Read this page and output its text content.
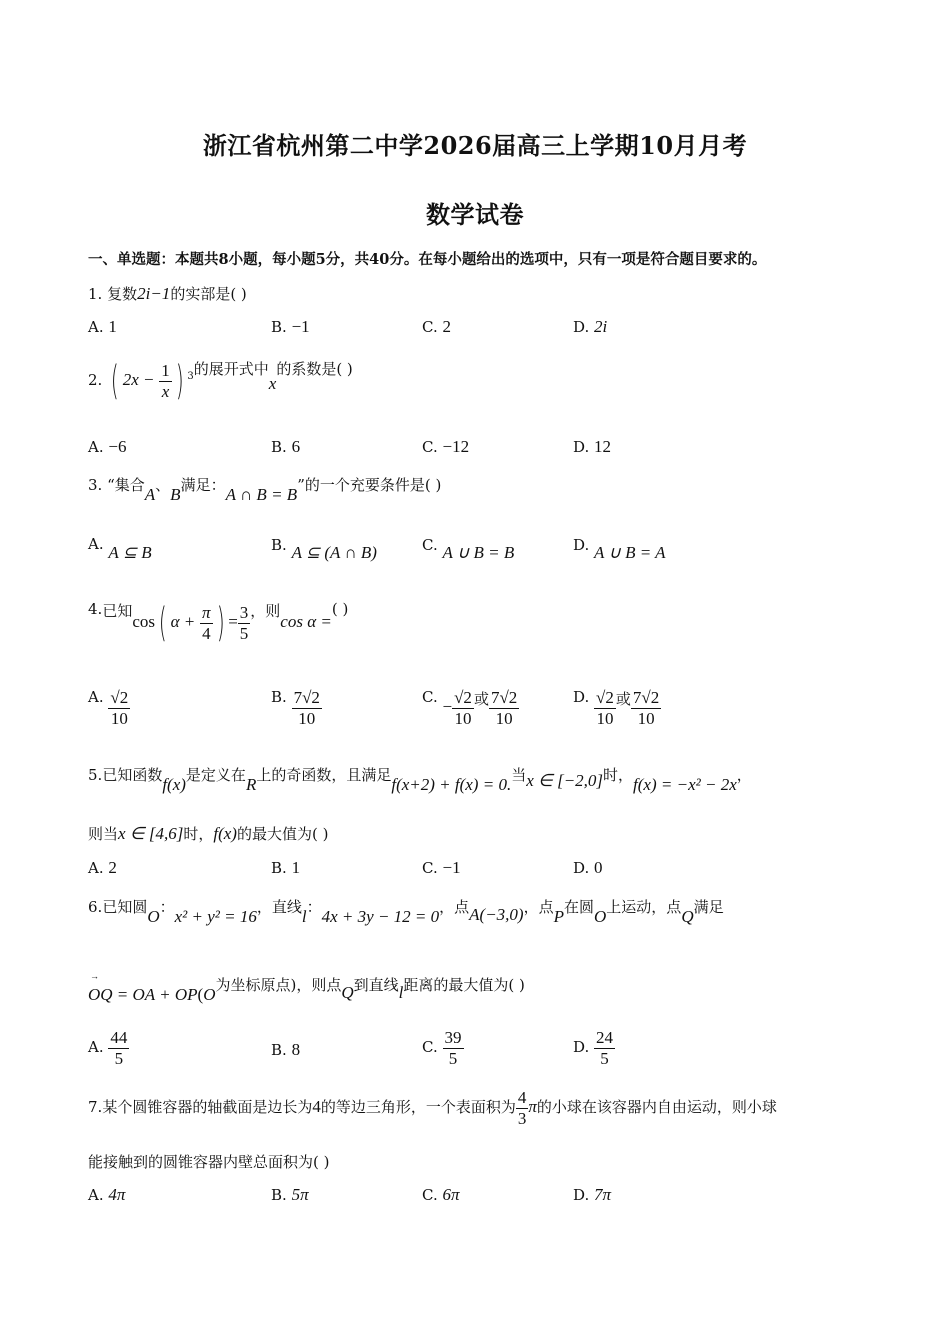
浙江省杭州第二中学2026届高三上学期10月月考
数学试卷
一、单选题：本题共8小题，每小题5分，共40分。在每小题给出的选项中，只有一项是符合题目要求的。
1. 复数2i−1的实部是( )
A. 1	B. −1	C. 2	D. 2i
2. ( $2x - \frac{1}{x}$ ) $^3$的展开式中x的系数是( )
A. −6	B. 6	C. −12	D. 12
3. “集合A、B满足：A ∩ B = B”的一个充要条件是( )
A. A ⊆ B	B. A ⊆ (A ∩ B)	C. A ∪ B = B	D. A ∪ B = A
4.已知cos( $\alpha + \frac{\pi}{4}$ ) = $\frac{3}{5}$ ，则cos α =( )
A. $\frac{√2}{10}$	B. $\frac{7√2}{10}$	C. − $\frac{√2}{10}$ 或 $\frac{7√2}{10}$	D. $\frac{√2}{10}$ 或 $\frac{7√2}{10}$
5.已知函数f(x)是定义在R上的奇函数，且满足f(x+2) + f(x) = 0.当x ∈ [−2,0]时，f(x) = −x² − 2x，
则当x ∈ [4,6]时，f(x)的最大值为( )
A. 2	B. 1	C. −1	D. 0
6.已知圆O：x² + y² = 16，直线l：4x + 3y − 12 = 0，点A(−3,0)，点P在圆O上运动，点Q满足
→ OQ = OA + OP(O为坐标原点)，则点Q到直线l距离的最大值为( )
A. $\frac{44}{5}$	B. 8	C. $\frac{39}{5}$	D. $\frac{24}{5}$
7.某个圆锥容器的轴截面是边长为4的等边三角形，一个表面积为 $\frac{4}{3}$ π的小球在该容器内自由运动，则小球
能接触到的圆锥容器内壁总面积为( )
A. 4π	B. 5π	C. 6π	D. 7π
